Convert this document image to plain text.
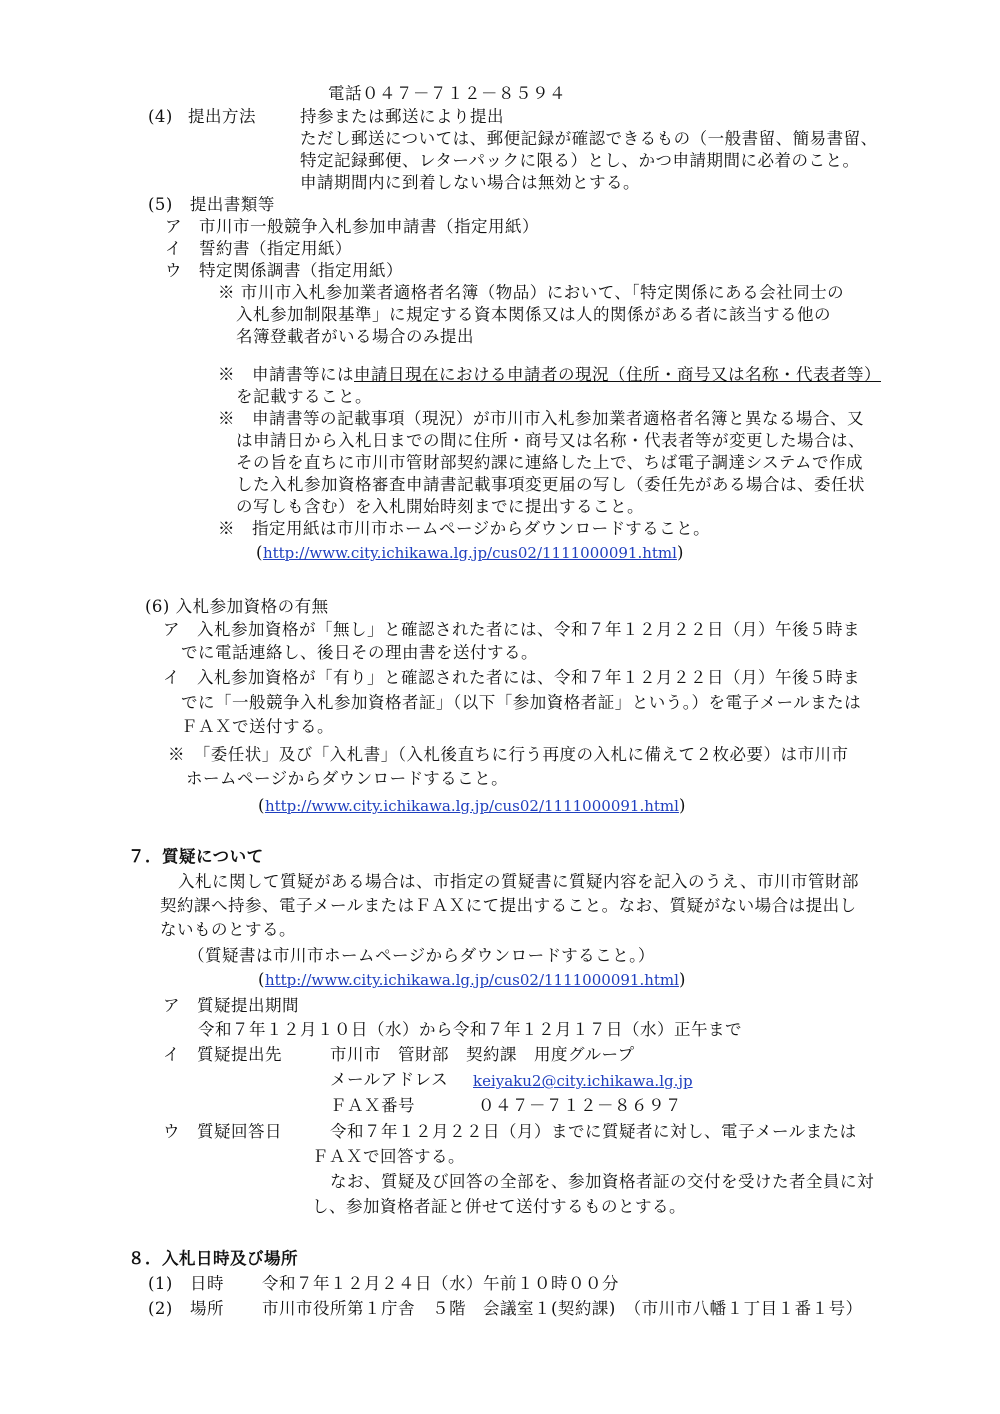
電話０４７－７１２－８５９４
(4) 提出方法	持参または郵送により提出
ただし郵送については、郵便記録が確認できるもの（一般書留、簡易書留、
特定記録郵便、レターパックに限る）とし、かつ申請期間に必着のこと。
申請期間内に到着しない場合は無効とする。
(5)　提出書類等
ア　市川市一般競争入札参加申請書（指定用紙）
イ　誓約書（指定用紙）
ウ　特定関係調書（指定用紙）
※ 市川市入札参加業者適格者名簿（物品）において、「特定関係にある会社同士の
入札参加制限基準」に規定する資本関係又は人的関係がある者に該当する他の
名簿登載者がいる場合のみ提出
※　申請書等には申請日現在における申請者の現況（住所・商号又は名称・代表者等）
を記載すること。
※　申請書等の記載事項（現況）が市川市入札参加業者適格者名簿と異なる場合、又
は申請日から入札日までの間に住所・商号又は名称・代表者等が変更した場合は、
その旨を直ちに市川市管財部契約課に連絡した上で、ちば電子調達システムで作成
した入札参加資格審査申請書記載事項変更届の写し（委任先がある場合は、委任状
の写しも含む）を入札開始時刻までに提出すること。
※　指定用紙は市川市ホームページからダウンロードすること。
(http://www.city.ichikawa.lg.jp/cus02/1111000091.html)
(6) 入札参加資格の有無
ア　入札参加資格が「無し」と確認された者には、令和７年１２月２２日（月）午後５時ま
でに電話連絡し、後日その理由書を送付する。
イ　入札参加資格が「有り」と確認された者には、令和７年１２月２２日（月）午後５時ま
でに「一般競争入札参加資格者証」（以下「参加資格者証」という。）を電子メールまたは
ＦＡＸで送付する。
※　「委任状」及び「入札書」（入札後直ちに行う再度の入札に備えて２枚必要）は市川市
ホームページからダウンロードすること。
(http://www.city.ichikawa.lg.jp/cus02/1111000091.html)
７．質疑について
入札に関して質疑がある場合は、市指定の質疑書に質疑内容を記入のうえ、市川市管財部
契約課へ持参、電子メールまたはＦＡＸにて提出すること。なお、質疑がない場合は提出し
ないものとする。
（質疑書は市川市ホームページからダウンロードすること。）
(http://www.city.ichikawa.lg.jp/cus02/1111000091.html)
ア　質疑提出期間
令和７年１２月１０日（水）から令和７年１２月１７日（水）正午まで
イ　質疑提出先	市川市　管財部　契約課　用度グループ
メールアドレス keiyaku2@city.ichikawa.lg.jp
ＦＡＸ番号	０４７－７１２－８６９７
ウ　質疑回答日	令和７年１２月２２日（月）までに質疑者に対し、電子メールまたは
ＦＡＸで回答する。
なお、質疑及び回答の全部を、参加資格者証の交付を受けた者全員に対
し、参加資格者証と併せて送付するものとする。
８．入札日時及び場所
(1) 日時 令和７年１２月２４日（水）午前１０時００分
(2) 場所 市川市役所第１庁舎　５階　会議室１(契約課)　（市川市八幡１丁目１番１号）
